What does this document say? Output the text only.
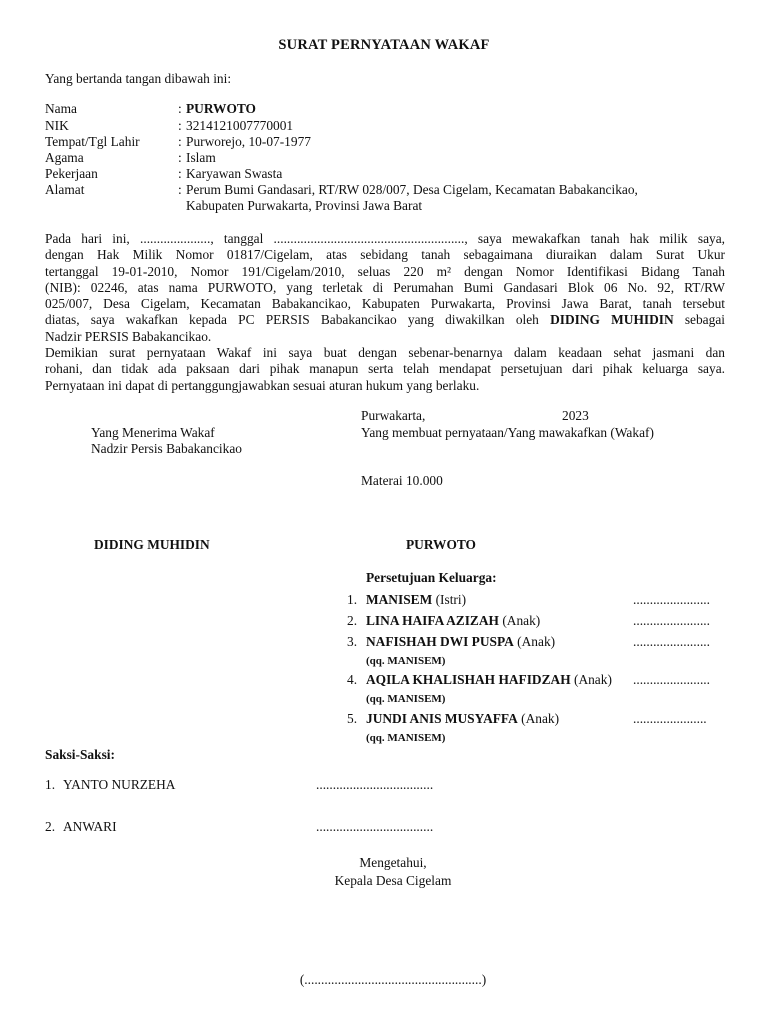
SURAT PERNYATAAN WAKAF
Yang bertanda tangan dibawah ini:
Nama	: PURWOTO
NIK	: 3214121007770001
Tempat/Tgl Lahir	: Purworejo, 10-07-1977
Agama	: Islam
Pekerjaan	: Karyawan Swasta
Alamat	: Perum Bumi Gandasari, RT/RW 028/007, Desa Cigelam, Kecamatan Babakancikao,
Kabupaten Purwakarta, Provinsi Jawa Barat
Pada hari ini, ....................., tanggal ........................................................., saya mewakafkan tanah hak milik saya,
dengan Hak Milik Nomor 01817/Cigelam, atas sebidang tanah sebagaimana diuraikan dalam Surat Ukur
tertanggal 19-01-2010, Nomor 191/Cigelam/2010, seluas 220 m² dengan Nomor Identifikasi Bidang Tanah
(NIB): 02246, atas nama PURWOTO, yang terletak di Perumahan Bumi Gandasari Blok 06 No. 92, RT/RW
025/007, Desa Cigelam, Kecamatan Babakancikao, Kabupaten Purwakarta, Provinsi Jawa Barat, tanah tersebut
diatas, saya wakafkan kepada PC PERSIS Babakancikao yang diwakilkan oleh DIDING MUHIDIN sebagai
Nadzir PERSIS Babakancikao.
Demikian surat pernyataan Wakaf ini saya buat dengan sebenar-benarnya dalam keadaan sehat jasmani dan
rohani, dan tidak ada paksaan dari pihak manapun serta telah mendapat persetujuan dari pihak keluarga saya.
Pernyataan ini dapat di pertanggungjawabkan sesuai aturan hukum yang berlaku.
Purwakarta,	2023
Yang Menerima Wakaf
Nadzir Persis Babakancikao
Yang membuat pernyataan/Yang mawakafkan (Wakaf)
Materai 10.000
DIDING MUHIDIN	PURWOTO
Persetujuan Keluarga:
1. MANISEM (Istri)	.......................
2. LINA HAIFA AZIZAH (Anak)	.......................
3. NAFISHAH DWI PUSPA (Anak)	.......................
(qq. MANISEM)
4. AQILA KHALISHAH HAFIDZAH (Anak) .......................
(qq. MANISEM)
5. JUNDI ANIS MUSYAFFA (Anak)	......................
(qq. MANISEM)
Saksi-Saksi:
1. YANTO NURZEHA	...................................
2. ANWARI	...................................
Mengetahui,
Kepala Desa Cigelam
(.....................................................)
